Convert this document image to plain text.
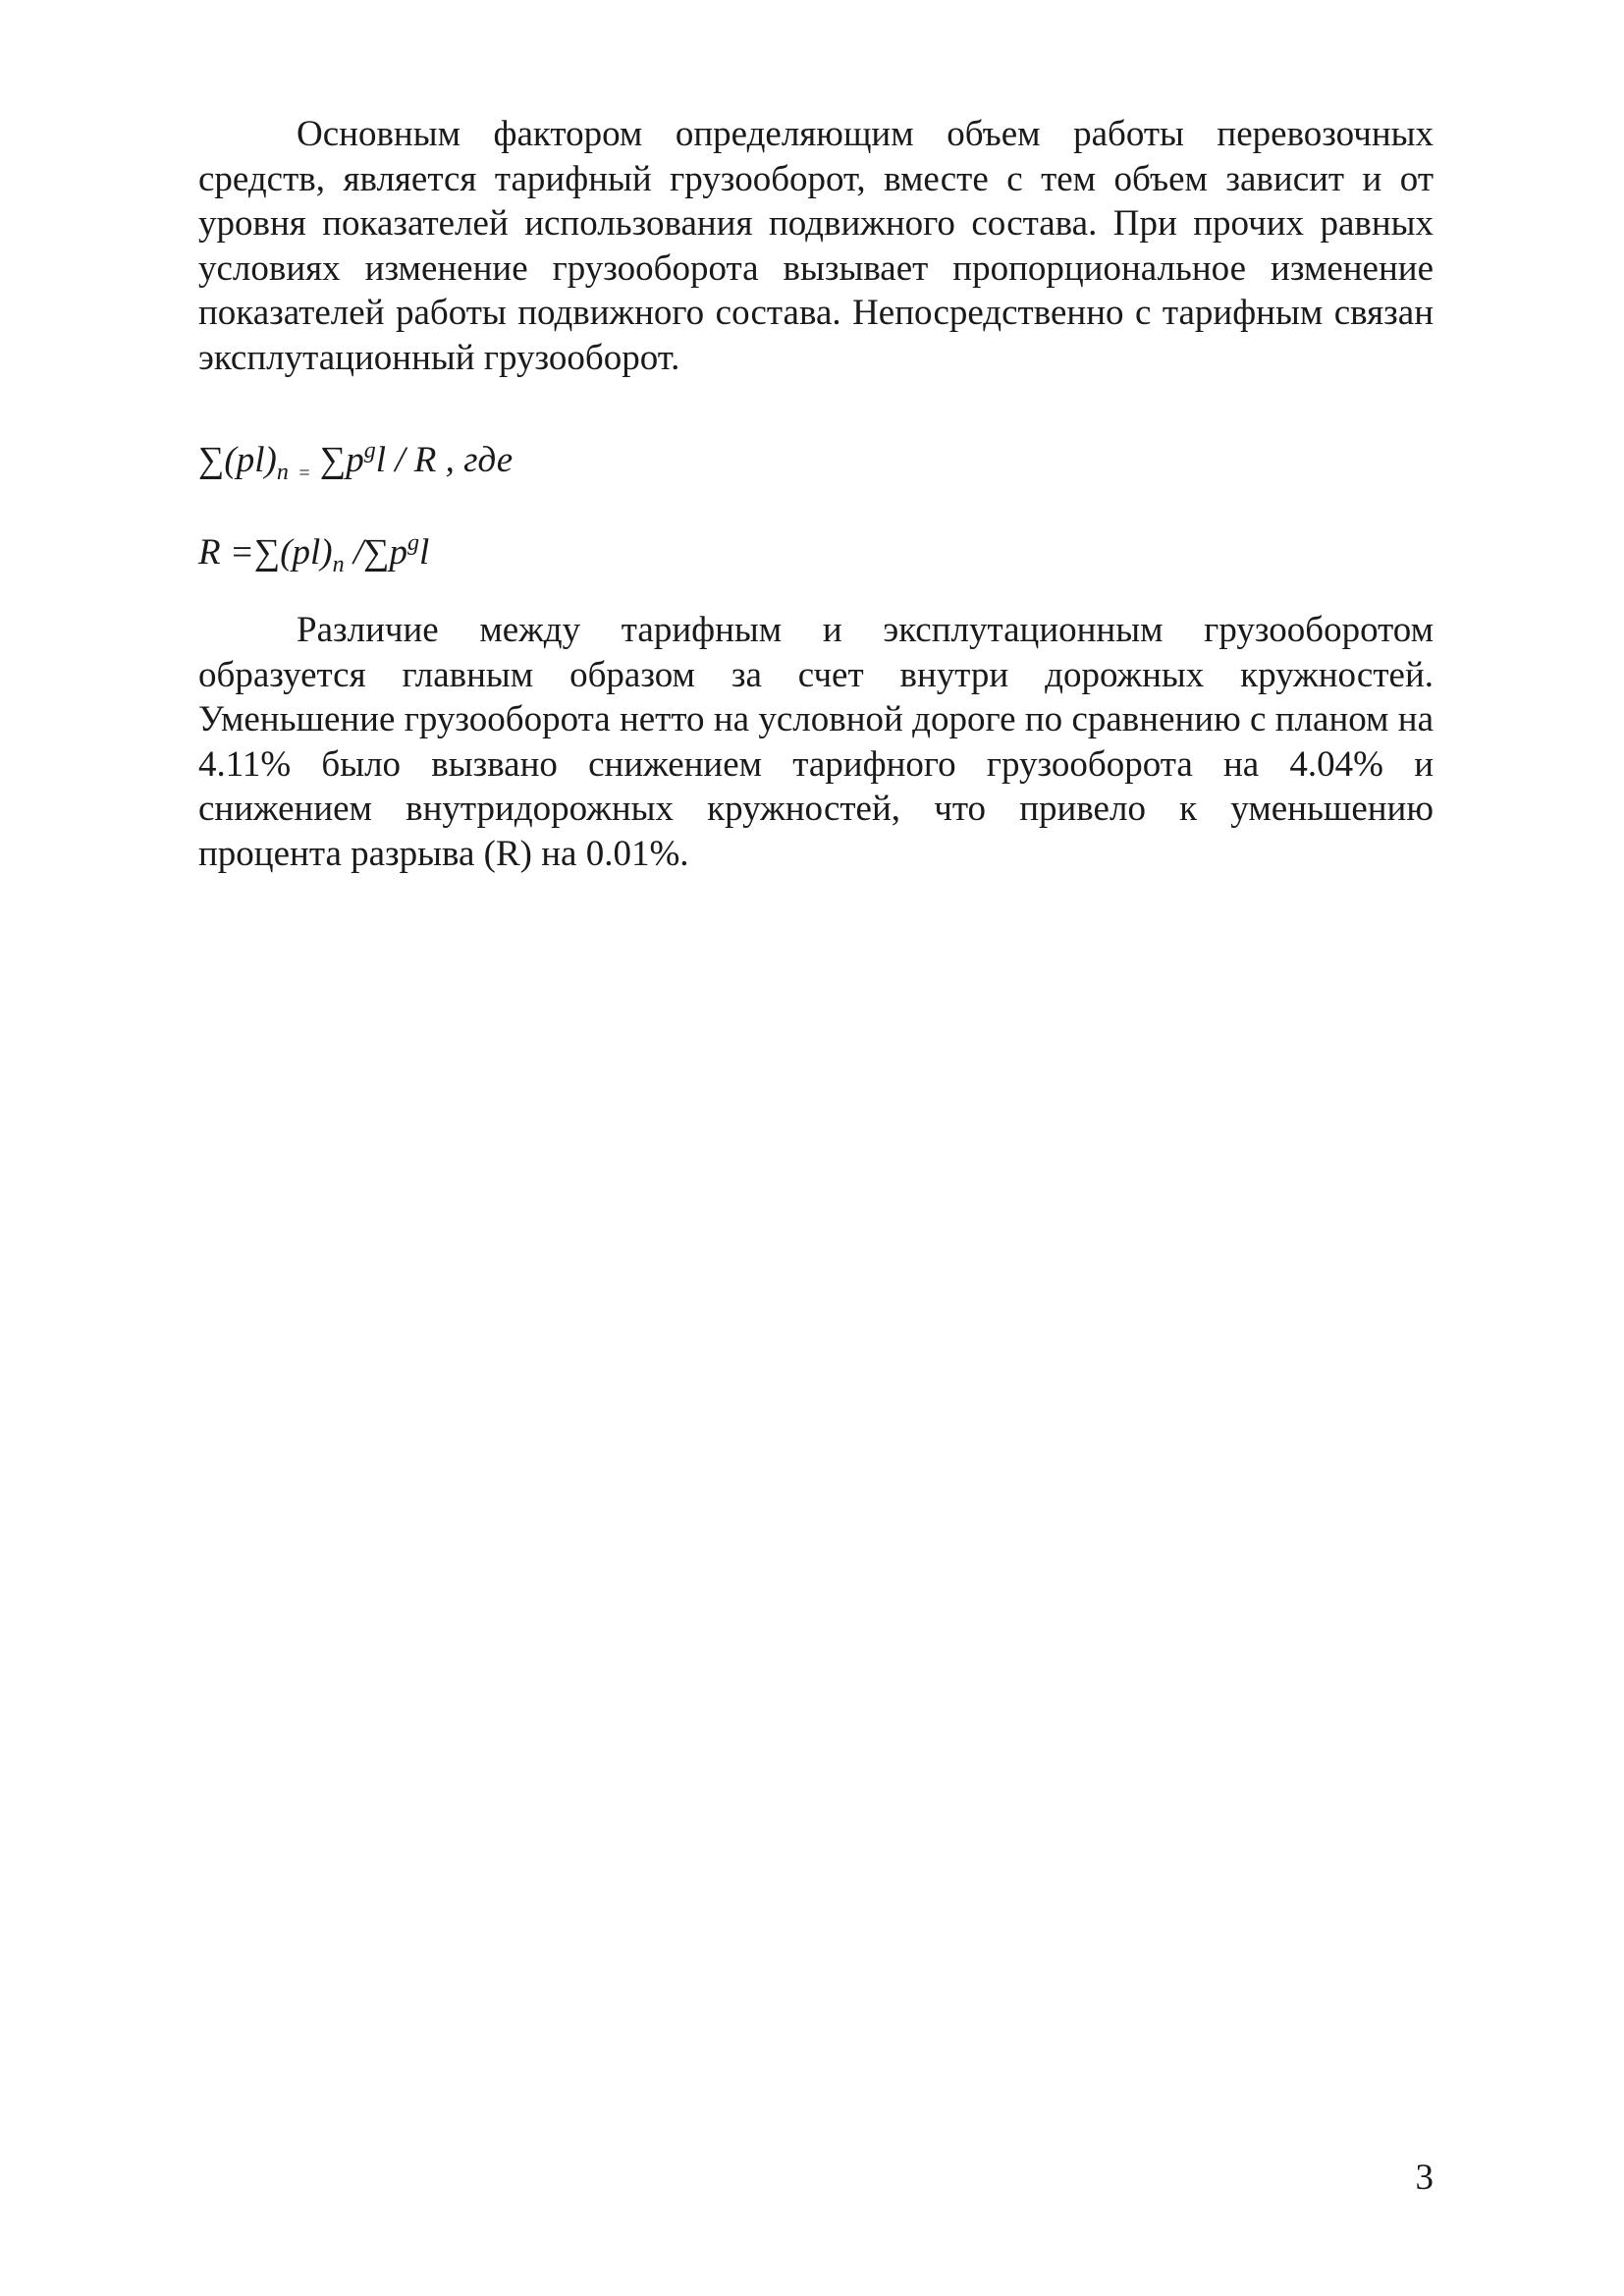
Основным фактором определяющим объем работы перевозочных средств, является тарифный грузооборот, вместе с тем объем зависит и от уровня показателей использования подвижного состава. При прочих равных условиях изменение грузооборота вызывает пропорциональное изменение показателей работы подвижного состава. Непосредственно с тарифным связан эксплутационный грузооборот.

$\sum(pl)_n$ $_=$ $\sum p^gl$ / R , где
$R =\sum(pl)_n$ $/\sum p^gl$

Различие между тарифным и эксплутационным грузооборотом образуется главным образом за счет внутри дорожных кружностей. Уменьшение грузооборота нетто на условной дороге по сравнению с планом на 4.11% было вызвано снижением тарифного грузооборота на 4.04% и снижением внутридорожных кружностей, что привело к уменьшению процента разрыва (R) на 0.01%.

3
